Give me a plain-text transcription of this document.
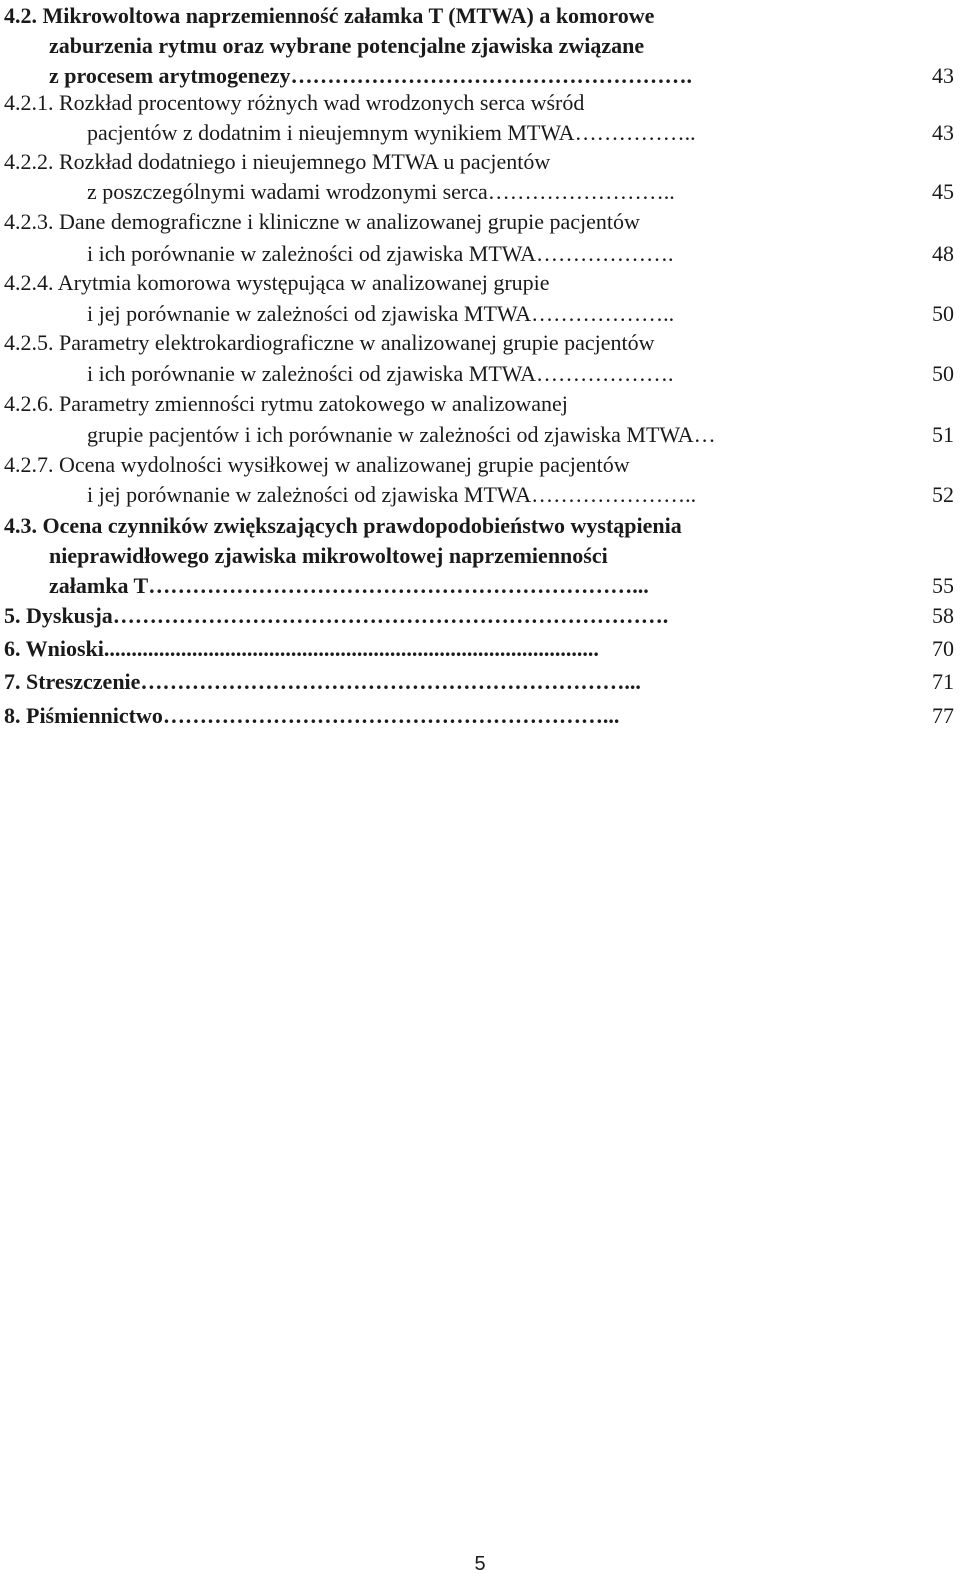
4.2. Mikrowoltowa naprzemienność załamka T (MTWA) a komorowe
zaburzenia rytmu oraz wybrane potencjalne zjawiska związane
z procesem arytmogenezy……………………………………………….	43
4.2.1. Rozkład procentowy różnych wad wrodzonych serca wśród
pacjentów z dodatnim i nieujemnym wynikiem MTWA……………..	43
4.2.2. Rozkład dodatniego i nieujemnego MTWA u pacjentów
z poszczególnymi wadami wrodzonymi serca……………………..	45
4.2.3. Dane demograficzne i kliniczne w analizowanej grupie pacjentów
i ich porównanie w zależności od zjawiska MTWA……………….	48
4.2.4. Arytmia komorowa występująca w analizowanej grupie
i jej porównanie w zależności od zjawiska MTWA………………..	50
4.2.5. Parametry elektrokardiograficzne w analizowanej grupie pacjentów
i ich porównanie w zależności od zjawiska MTWA……………….	50
4.2.6. Parametry zmienności rytmu zatokowego w analizowanej
grupie pacjentów i ich porównanie w zależności od zjawiska MTWA…	51
4.2.7. Ocena wydolności wysiłkowej w analizowanej grupie pacjentów
i jej porównanie w zależności od zjawiska MTWA…………………..	52
4.3. Ocena czynników zwiększających prawdopodobieństwo wystąpienia
nieprawidłowego zjawiska mikrowoltowej naprzemienności
załamka T…………………………………………………………...	55
5. Dyskusja………………………………………………………………….	58
6. Wnioski..........................................................................................	70
7. Streszczenie…………………………………………………………...	71
8. Piśmiennictwo……………………………………………………...	77
5
